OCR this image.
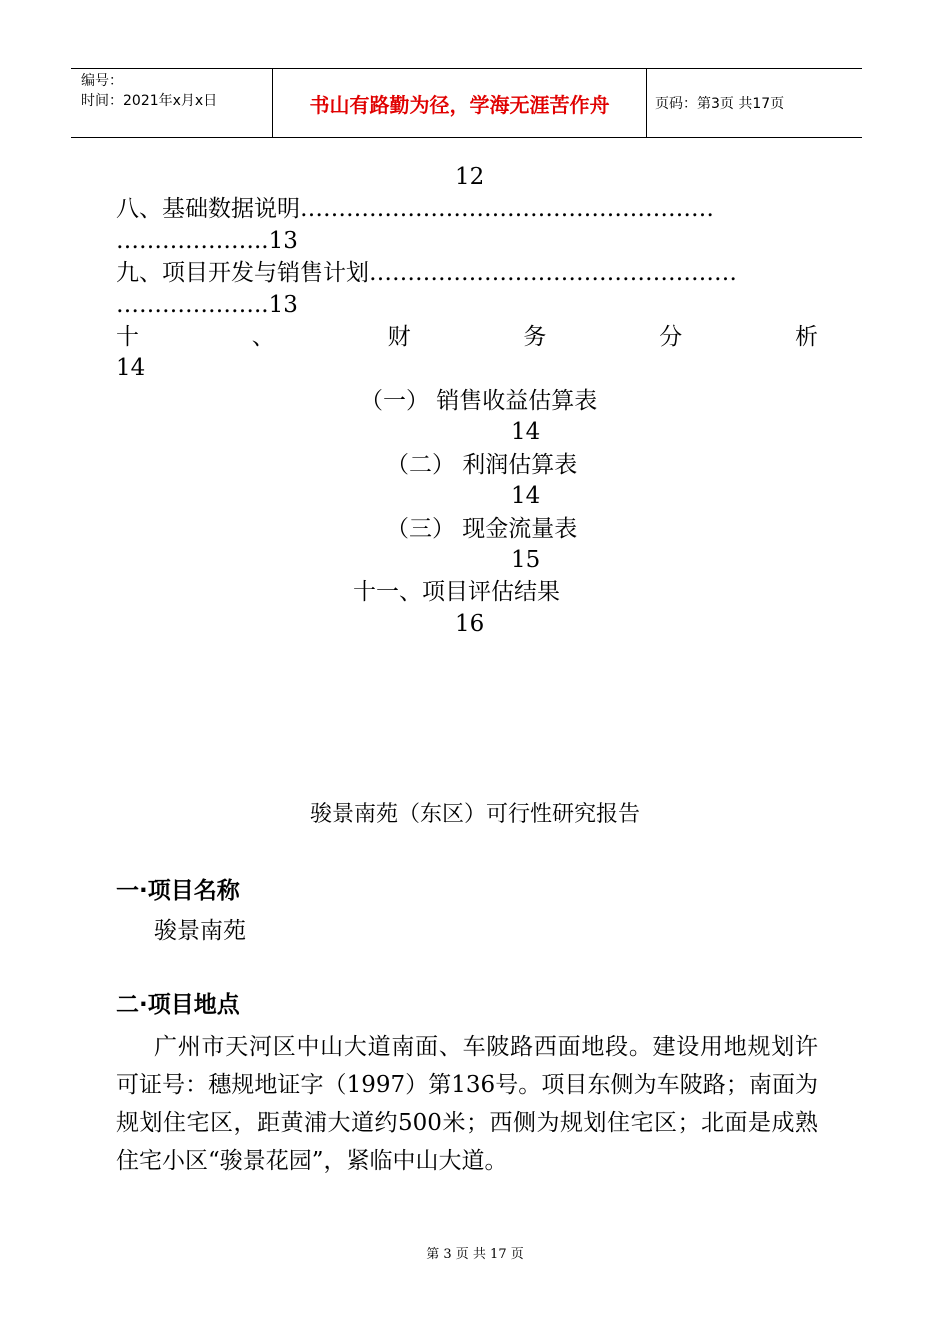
编号：
时间：2021年x月x日	书山有路勤为径，学海无涯苦作舟	页码：第3页 共17页
12
八、基础数据说明………………………………………………
………………..13
九、项目开发与销售计划…………………………………………
………………..13
十	、	财	务	分	析
14
（一） 销售收益估算表
14
（二） 利润估算表
14
（三） 现金流量表
15
十一、项目评估结果
16
骏景南苑（东区）可行性研究报告
一·项目名称
骏景南苑
二·项目地点
广州市天河区中山大道南面、车陂路西面地段。建设用地规划许可证号：穗规地证字（1997）第136号。项目东侧为车陂路；南面为规划住宅区，距黄浦大道约500米；西侧为规划住宅区；北面是成熟住宅小区“骏景花园”，紧临中山大道。
第 3 页 共 17 页
